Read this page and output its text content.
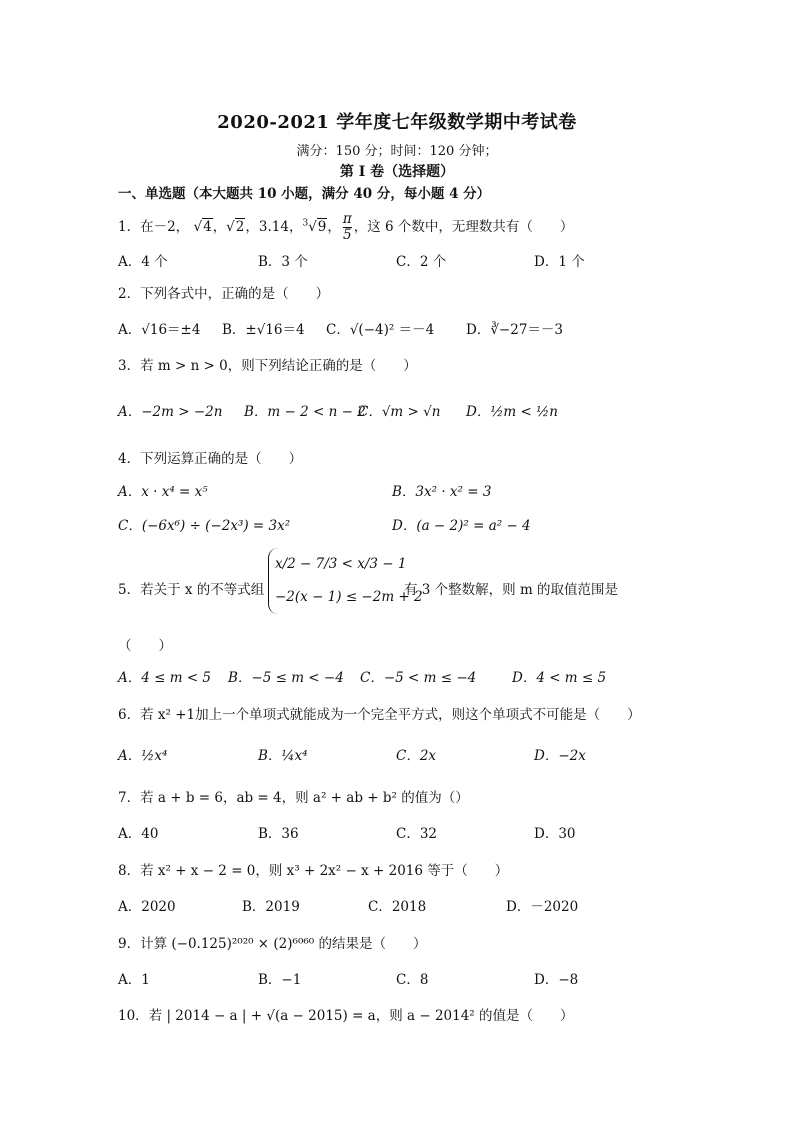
2020-2021 学年度七年级数学期中考试卷
满分：150 分；时间：120 分钟；
第 I 卷（选择题）
一、单选题（本大题共 10 小题，满分 40 分，每小题 4 分）
1．在－2， √4，√2，3.14，$^3$√9， $\frac{\pi}{5}$ ，这 6 个数中，无理数共有（　　）
A．4 个	B．3 个	C．2 个	D．1 个
2．下列各式中，正确的是（　　）
A．√16＝±4 B．±√16＝4 C．√(−4)² ＝－4 D．∛−27＝－3
3．若 m > n > 0，则下列结论正确的是（　　）
A．−2m > −2n B．m − 2 < n − 2
C．√m > √n D．½m < ½n
4．下列运算正确的是（　　）
A．x · x⁴ = x⁵	B．3x² · x² = 3
C．(−6x⁶) ÷ (−2x³) = 3x²	D．(a − 2)² = a² − 4
5．若关于 x 的不等式组
x/2 − 7/3 < x/3 − 1
−2(x − 1) ≤ −2m + 2
有 3 个整数解，则 m 的取值范围是
（　　）
A．4 ≤ m < 5 B．−5 ≤ m < −4 C．−5 < m ≤ −4	D．4 < m ≤ 5
6．若 x² +1加上一个单项式就能成为一个完全平方式，则这个单项式不可能是（　　）
A．½x⁴	B．¼x⁴	C．2x	D．−2x
7．若 a + b = 6，ab = 4，则 a² + ab + b² 的值为（）
A．40	B．36	C．32	D．30
8．若 x² + x − 2 = 0，则 x³ + 2x² − x + 2016 等于（　　）
A．2020	B．2019	C．2018	D．－2020
9．计算 (−0.125)²⁰²⁰ × (2)⁶⁰⁶⁰ 的结果是（　　）
A．1	B．−1	C．8	D．−8
10．若 | 2014 − a | + √(a − 2015) = a，则 a − 2014² 的值是（　　）
